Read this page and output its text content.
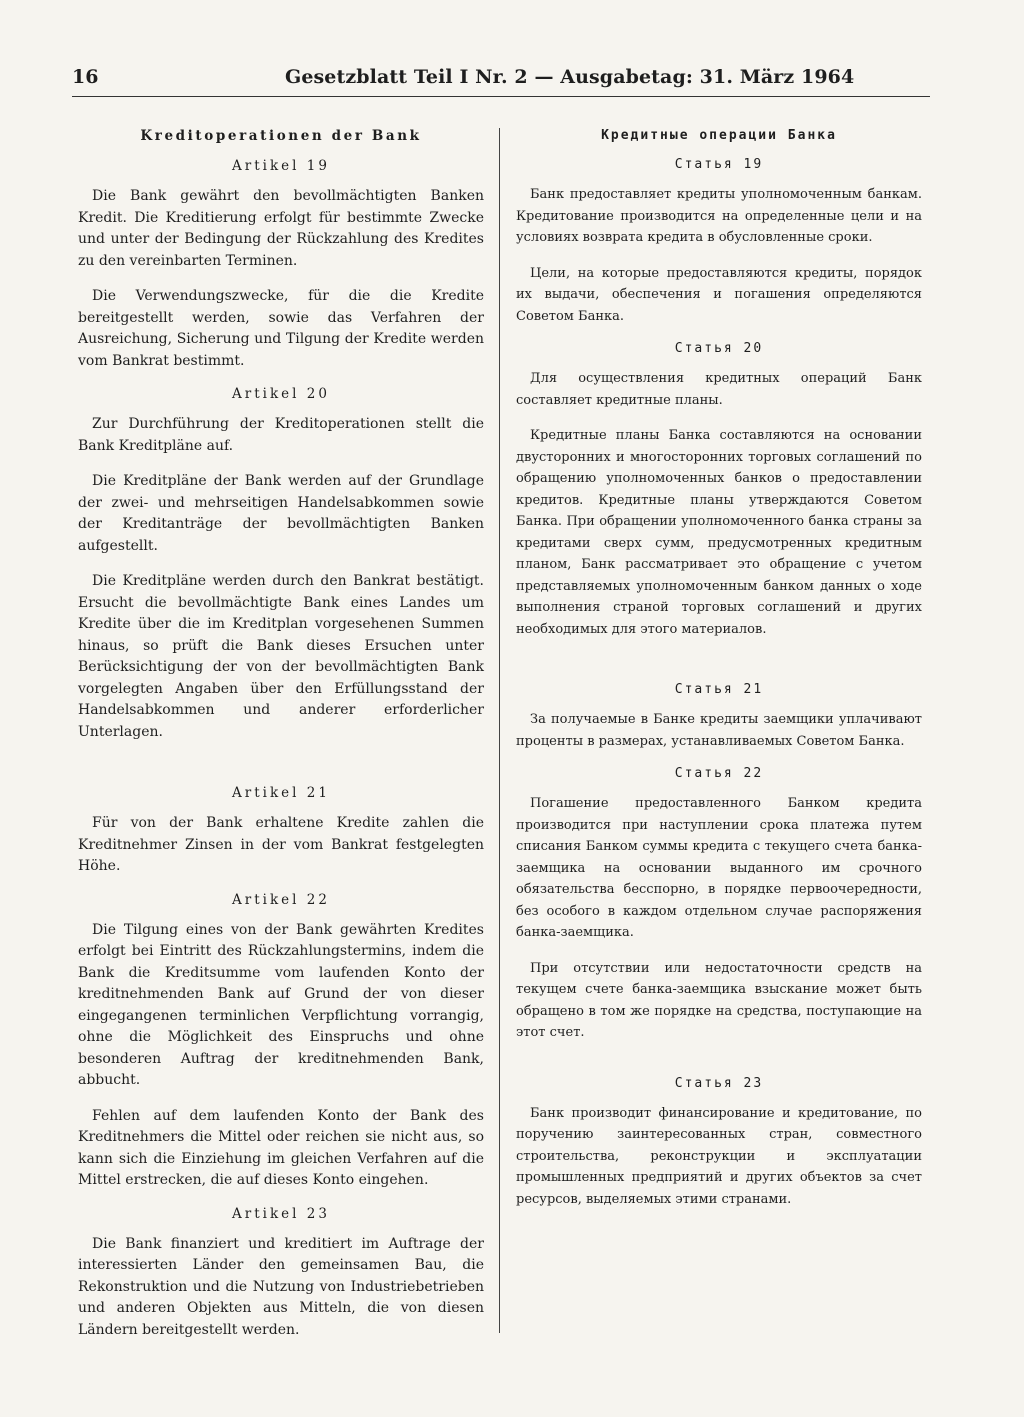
16	Gesetzblatt Teil I Nr. 2 — Ausgabetag: 31. März 1964
Kreditoperationen der Bank
Artikel 19

Die Bank gewährt den bevollmächtigten Banken Kredit. Die Kreditierung erfolgt für bestimmte Zwecke und unter der Bedingung der Rückzahlung des Kredites zu den vereinbarten Terminen.

Die Verwendungszwecke, für die die Kredite bereitgestellt werden, sowie das Verfahren der Ausreichung, Sicherung und Tilgung der Kredite werden vom Bankrat bestimmt.

Artikel 20

Zur Durchführung der Kreditoperationen stellt die Bank Kreditpläne auf.

Die Kreditpläne der Bank werden auf der Grundlage der zwei- und mehrseitigen Handelsabkommen sowie der Kreditanträge der bevollmächtigten Banken aufgestellt.

Die Kreditpläne werden durch den Bankrat bestätigt. Ersucht die bevollmächtigte Bank eines Landes um Kredite über die im Kreditplan vorgesehenen Summen hinaus, so prüft die Bank dieses Ersuchen unter Berücksichtigung der von der bevollmächtigten Bank vorgelegten Angaben über den Erfüllungsstand der Handelsabkommen und anderer erforderlicher Unterlagen.

Artikel 21

Für von der Bank erhaltene Kredite zahlen die Kreditnehmer Zinsen in der vom Bankrat festgelegten Höhe.

Artikel 22

Die Tilgung eines von der Bank gewährten Kredites erfolgt bei Eintritt des Rückzahlungstermins, indem die Bank die Kreditsumme vom laufenden Konto der kreditnehmenden Bank auf Grund der von dieser eingegangenen terminlichen Verpflichtung vorrangig, ohne die Möglichkeit des Einspruchs und ohne besonderen Auftrag der kreditnehmenden Bank, abbucht.

Fehlen auf dem laufenden Konto der Bank des Kreditnehmers die Mittel oder reichen sie nicht aus, so kann sich die Einziehung im gleichen Verfahren auf die Mittel erstrecken, die auf dieses Konto eingehen.

Artikel 23

Die Bank finanziert und kreditiert im Auftrage der interessierten Länder den gemeinsamen Bau, die Rekonstruktion und die Nutzung von Industriebetrieben und anderen Objekten aus Mitteln, die von diesen Ländern bereitgestellt werden.

Кредитные операции Банка
Статья 19

Банк предоставляет кредиты уполномоченным банкам. Кредитование производится на определенные цели и на условиях возврата кредита в обусловленные сроки.

Цели, на которые предоставляются кредиты, порядок их выдачи, обеспечения и погашения определяются Советом Банка.

Статья 20

Для осуществления кредитных операций Банк составляет кредитные планы.

Кредитные планы Банка составляются на основании двусторонних и многосторонних торговых соглашений по обращению уполномоченных банков о предоставлении кредитов. Кредитные планы утверждаются Советом Банка. При обращении уполномоченного банка страны за кредитами сверх сумм, предусмотренных кредитным планом, Банк рассматривает это обращение с учетом представляемых уполномоченным банком данных о ходе выполнения страной торговых соглашений и других необходимых для этого материалов.

Статья 21

За получаемые в Банке кредиты заемщики уплачивают проценты в размерах, устанавливаемых Советом Банка.

Статья 22

Погашение предоставленного Банком кредита производится при наступлении срока платежа путем списания Банком суммы кредита с текущего счета банка-заемщика на основании выданного им срочного обязательства бесспорно, в порядке первоочередности, без особого в каждом отдельном случае распоряжения банка-заемщика.

При отсутствии или недостаточности средств на текущем счете банка-заемщика взыскание может быть обращено в том же порядке на средства, поступающие на этот счет.

Статья 23

Банк производит финансирование и кредитование, по поручению заинтересованных стран, совместного строительства, реконструкции и эксплуатации промышленных предприятий и других объектов за счет ресурсов, выделяемых этими странами.
